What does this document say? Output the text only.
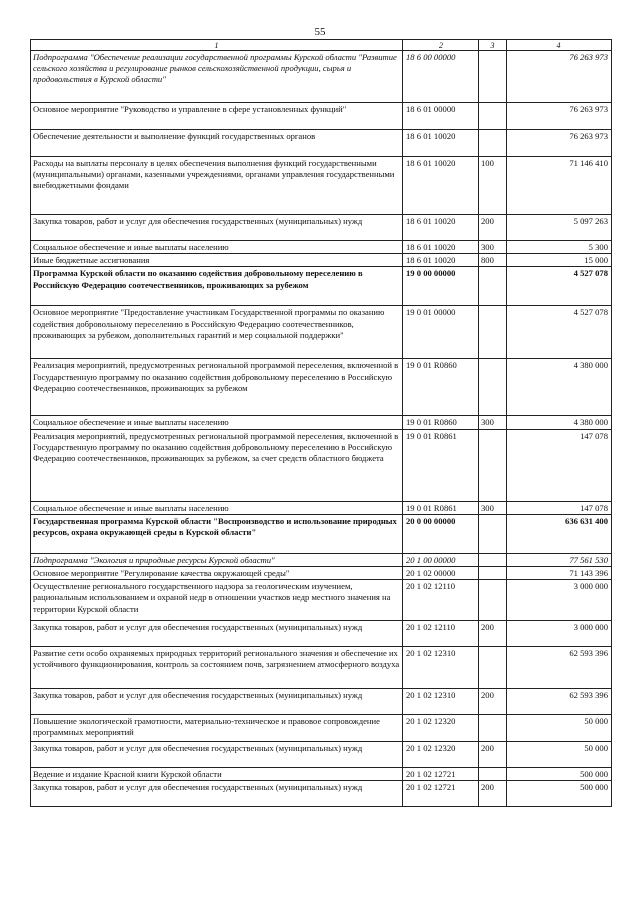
55
1	2	3	4
Подпрограмма "Обеспечение реализации государственной программы Курской области "Развитие сельского хозяйства и регулирование рынков сельскохозяйственной продукции, сырья и продовольствия в Курской области"	18 6 00 00000		76 263 973
Основное мероприятие "Руководство и управление в сфере установленных функций"	18 6 01 00000		76 263 973
Обеспечение деятельности и выполнение функций государственных органов	18 6 01 10020		76 263 973
Расходы на выплаты персоналу в целях обеспечения выполнения функций государственными (муниципальными) органами, казенными учреждениями, органами управления государственными внебюджетными фондами	18 6 01 10020	100	71 146 410
Закупка товаров, работ и услуг для обеспечения государственных (муниципальных) нужд	18 6 01 10020	200	5 097 263
Социальное обеспечение и иные выплаты населению	18 6 01 10020	300	5 300
Иные бюджетные ассигнования	18 6 01 10020	800	15 000
Программа Курской области по оказанию содействия добровольному переселению в Российскую Федерацию соотечественников, проживающих за рубежом	19 0 00 00000		4 527 078
Основное мероприятие "Предоставление участникам Государственной программы по оказанию содействия добровольному переселению в Российскую Федерацию соотечественников, проживающих за рубежом, дополнительных гарантий и мер социальной поддержки"	19 0 01 00000		4 527 078
Реализация мероприятий, предусмотренных региональной программой переселения, включенной в Государственную программу по оказанию содействия добровольному переселению в Российскую Федерацию соотечественников, проживающих за рубежом	19 0 01 R0860		4 380 000
Социальное обеспечение и иные выплаты населению	19 0 01 R0860	300	4 380 000
Реализация мероприятий, предусмотренных региональной программой переселения, включенной в Государственную программу по оказанию содействия добровольному переселению в Российскую Федерацию соотечественников, проживающих за рубежом, за счет средств областного бюджета	19 0 01 R0861		147 078
Социальное обеспечение и иные выплаты населению	19 0 01 R0861	300	147 078
Государственная программа Курской области "Воспроизводство и использование природных ресурсов, охрана окружающей среды в Курской области"	20 0 00 00000		636 631 400
Подпрограмма "Экология и природные ресурсы Курской области"	20 1 00 00000		77 561 530
Основное мероприятие "Регулирование качества окружающей среды"	20 1 02 00000		71 143 396
Осуществление регионального государственного надзора за геологическим изучением, рациональным использованием и охраной недр в отношении участков недр местного значения на территории Курской области	20 1 02 12110		3 000 000
Закупка товаров, работ и услуг для обеспечения государственных (муниципальных) нужд	20 1 02 12110	200	3 000 000
Развитие сети особо охраняемых природных территорий регионального значения и обеспечение их устойчивого функционирования, контроль за состоянием почв, загрязнением атмосферного воздуха	20 1 02 12310		62 593 396
Закупка товаров, работ и услуг для обеспечения государственных (муниципальных) нужд	20 1 02 12310	200	62 593 396
Повышение экологической грамотности, материально-техническое и правовое сопровождение программных мероприятий	20 1 02 12320		50 000
Закупка товаров, работ и услуг для обеспечения государственных (муниципальных) нужд	20 1 02 12320	200	50 000
Ведение и издание Красной книги Курской области	20 1 02 12721		500 000
Закупка товаров, работ и услуг для обеспечения государственных (муниципальных) нужд	20 1 02 12721	200	500 000
